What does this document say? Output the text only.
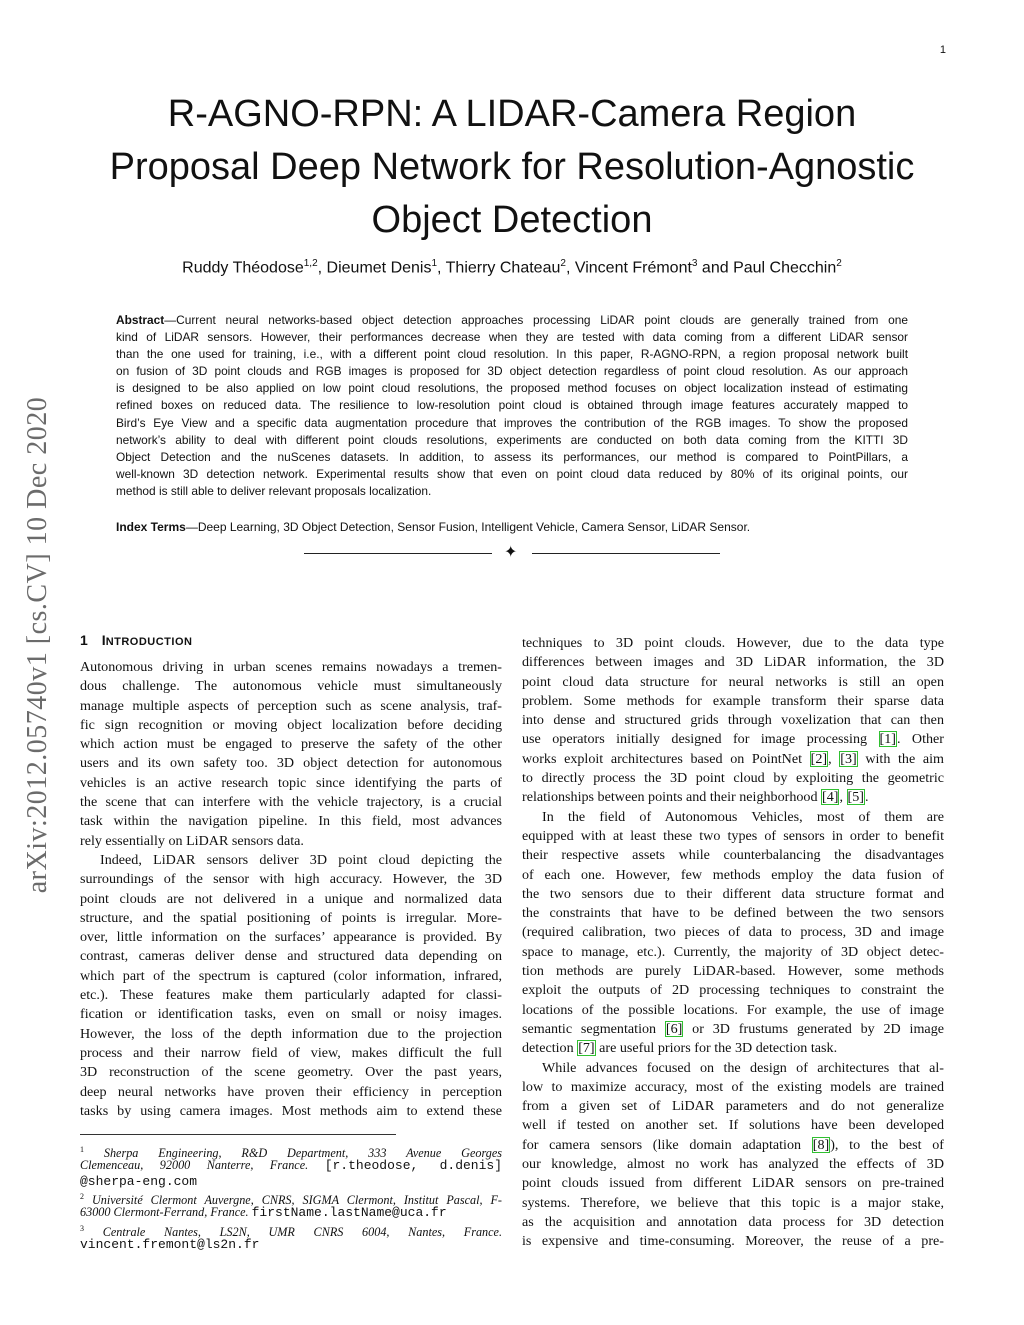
1
arXiv:2012.05740v1 [cs.CV] 10 Dec 2020
R-AGNO-RPN: A LIDAR-Camera Region
Proposal Deep Network for Resolution-Agnostic
Object Detection
Ruddy Théodose$^{1,2}$, Dieumet Denis$^1$, Thierry Chateau$^2$, Vincent Frémont$^3$ and Paul Checchin$^2$
Abstract—Current neural networks-based object detection approaches processing LiDAR point clouds are generally trained from one
kind of LiDAR sensors. However, their performances decrease when they are tested with data coming from a different LiDAR sensor
than the one used for training, i.e., with a different point cloud resolution. In this paper, R-AGNO-RPN, a region proposal network built
on fusion of 3D point clouds and RGB images is proposed for 3D object detection regardless of point cloud resolution. As our approach
is designed to be also applied on low point cloud resolutions, the proposed method focuses on object localization instead of estimating
refined boxes on reduced data. The resilience to low-resolution point cloud is obtained through image features accurately mapped to
Bird’s Eye View and a specific data augmentation procedure that improves the contribution of the RGB images. To show the proposed
network’s ability to deal with different point clouds resolutions, experiments are conducted on both data coming from the KITTI 3D
Object Detection and the nuScenes datasets. In addition, to assess its performances, our method is compared to PointPillars, a
well-known 3D detection network. Experimental results show that even on point cloud data reduced by 80% of its original points, our
method is still able to deliver relevant proposals localization.
Index Terms—Deep Learning, 3D Object Detection, Sensor Fusion, Intelligent Vehicle, Camera Sensor, LiDAR Sensor.
✦
1 INTRODUCTION
Autonomous driving in urban scenes remains nowadays a tremen-
dous challenge. The autonomous vehicle must simultaneously
manage multiple aspects of perception such as scene analysis, traf-
fic sign recognition or moving object localization before deciding
which action must be engaged to preserve the safety of the other
users and its own safety too. 3D object detection for autonomous
vehicles is an active research topic since identifying the parts of
the scene that can interfere with the vehicle trajectory, is a crucial
task within the navigation pipeline. In this field, most advances
rely essentially on LiDAR sensors data.
Indeed, LiDAR sensors deliver 3D point cloud depicting the
surroundings of the sensor with high accuracy. However, the 3D
point clouds are not delivered in a unique and normalized data
structure, and the spatial positioning of points is irregular. More-
over, little information on the surfaces’ appearance is provided. By
contrast, cameras deliver dense and structured data depending on
which part of the spectrum is captured (color information, infrared,
etc.). These features make them particularly adapted for classi-
fication or identification tasks, even on small or noisy images.
However, the loss of the depth information due to the projection
process and their narrow field of view, makes difficult the full
3D reconstruction of the scene geometry. Over the past years,
deep neural networks have proven their efficiency in perception
tasks by using camera images. Most methods aim to extend these
techniques to 3D point clouds. However, due to the data type
differences between images and 3D LiDAR information, the 3D
point cloud data structure for neural networks is still an open
problem. Some methods for example transform their sparse data
into dense and structured grids through voxelization that can then
use operators initially designed for image processing [1]. Other
works exploit architectures based on PointNet [2], [3] with the aim
to directly process the 3D point cloud by exploiting the geometric
relationships between points and their neighborhood [4], [5].
In the field of Autonomous Vehicles, most of them are
equipped with at least these two types of sensors in order to benefit
their respective assets while counterbalancing the disadvantages
of each one. However, few methods employ the data fusion of
the two sensors due to their different data structure format and
the constraints that have to be defined between the two sensors
(required calibration, two pieces of data to process, 3D and image
space to manage, etc.). Currently, the majority of 3D object detec-
tion methods are purely LiDAR-based. However, some methods
exploit the outputs of 2D processing techniques to constraint the
locations of the possible locations. For example, the use of image
semantic segmentation [6] or 3D frustums generated by 2D image
detection [7] are useful priors for the 3D detection task.
While advances focused on the design of architectures that al-
low to maximize accuracy, most of the existing models are trained
from a given set of LiDAR parameters and do not generalize
well if tested on another set. If solutions have been developed
for camera sensors (like domain adaptation [8]), to the best of
our knowledge, almost no work has analyzed the effects of 3D
point clouds issued from different LiDAR sensors on pre-trained
systems. Therefore, we believe that this topic is a major stake,
as the acquisition and annotation data process for 3D detection
is expensive and time-consuming. Moreover, the reuse of a pre-
$^1$ Sherpa Engineering, R&D Department, 333 Avenue Georges
Clemenceau, 92000 Nanterre, France. [r.theodose, d.denis]
@sherpa-eng.com
$^2$ Université Clermont Auvergne, CNRS, SIGMA Clermont, Institut Pascal, F-
63000 Clermont-Ferrand, France. firstName.lastName@uca.fr
$^3$ Centrale Nantes, LS2N, UMR CNRS 6004, Nantes, France.
vincent.fremont@ls2n.fr
